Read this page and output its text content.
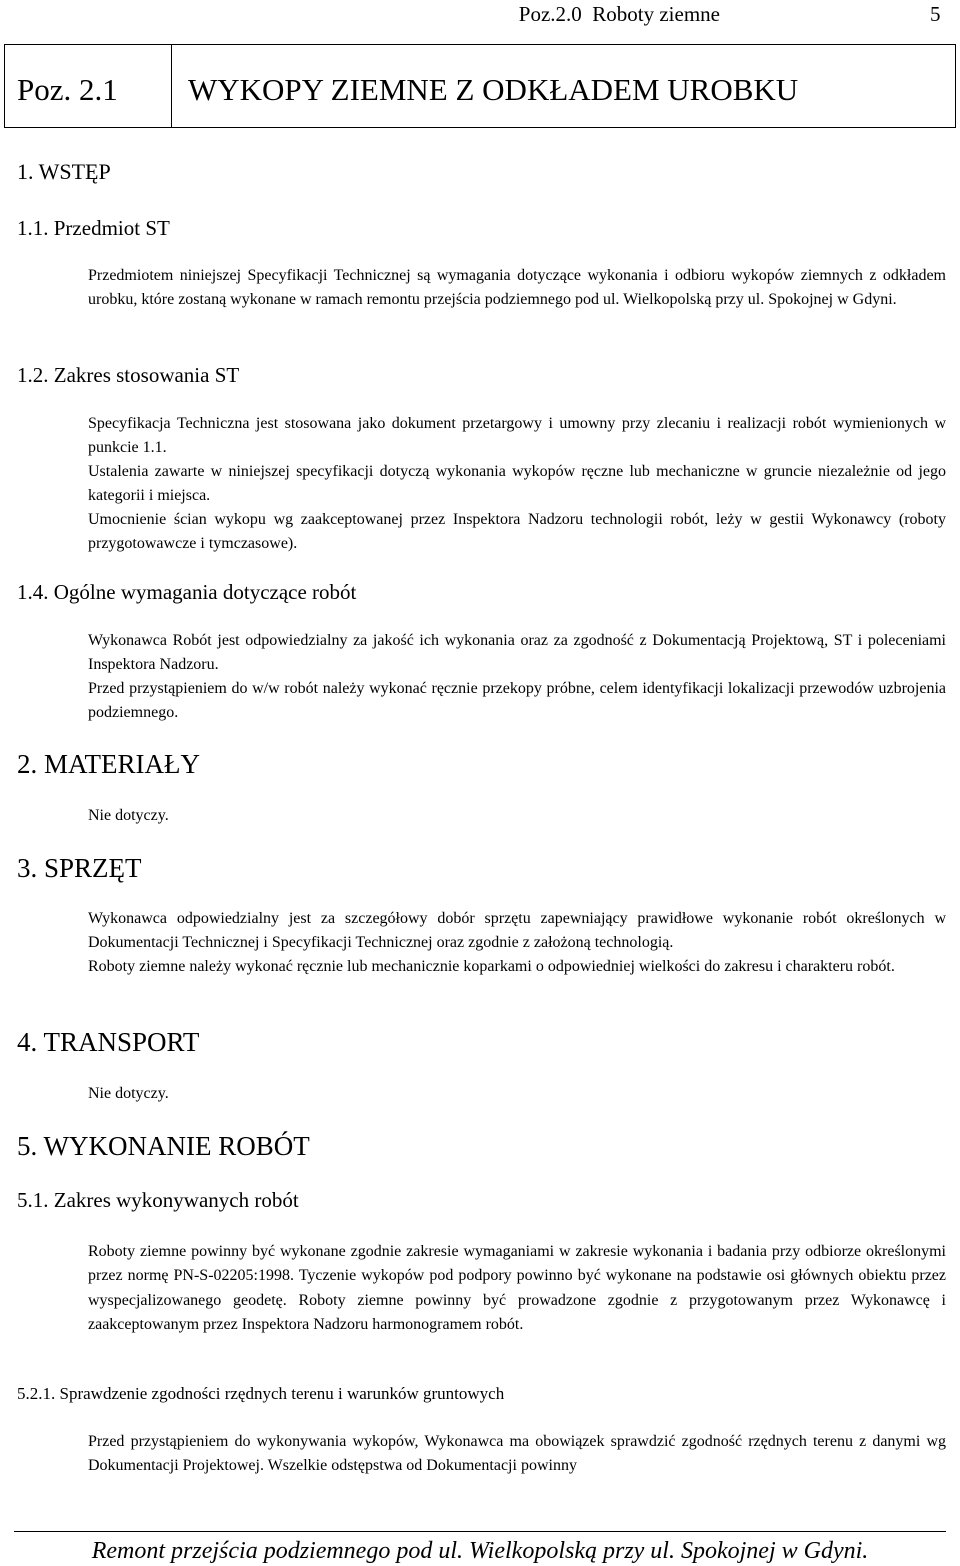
Poz.2.0  Roboty ziemne	5
Poz. 2.1 WYKOPY ZIEMNE Z ODKŁADEM UROBKU
1. WSTĘP
1.1. Przedmiot ST
Przedmiotem niniejszej Specyfikacji Technicznej są wymagania dotyczące wykonania i odbioru wykopów ziemnych z odkładem urobku, które zostaną wykonane w ramach remontu przejścia podziemnego pod ul. Wielkopolską przy ul. Spokojnej w Gdyni.
1.2. Zakres stosowania ST
Specyfikacja Techniczna jest stosowana jako dokument przetargowy i umowny przy zlecaniu i realizacji robót wymienionych w punkcie 1.1.
Ustalenia zawarte w niniejszej specyfikacji dotyczą wykonania wykopów ręczne lub mechaniczne w gruncie niezależnie od jego kategorii i miejsca.
Umocnienie ścian wykopu wg zaakceptowanej przez Inspektora Nadzoru technologii robót, leży w gestii Wykonawcy (roboty przygotowawcze i tymczasowe).
1.4. Ogólne wymagania dotyczące robót
Wykonawca Robót jest odpowiedzialny za jakość ich wykonania oraz za zgodność z Dokumentacją Projektową, ST i poleceniami Inspektora Nadzoru.
Przed przystąpieniem do w/w robót należy wykonać ręcznie przekopy próbne, celem identyfikacji lokalizacji przewodów uzbrojenia podziemnego.
2. MATERIAŁY
Nie dotyczy.
3. SPRZĘT
Wykonawca odpowiedzialny jest za szczegółowy dobór sprzętu zapewniający prawidłowe wykonanie robót określonych w Dokumentacji Technicznej i Specyfikacji Technicznej oraz zgodnie z założoną technologią.
Roboty ziemne należy wykonać ręcznie lub mechanicznie koparkami o odpowiedniej wielkości do zakresu i charakteru robót.
4. TRANSPORT
Nie dotyczy.
5. WYKONANIE ROBÓT
5.1. Zakres wykonywanych robót
Roboty ziemne powinny być wykonane zgodnie zakresie wymaganiami w zakresie wykonania i badania przy odbiorze określonymi przez normę PN-S-02205:1998. Tyczenie wykopów pod podpory powinno być wykonane na podstawie osi głównych obiektu przez wyspecjalizowanego geodetę. Roboty ziemne powinny być prowadzone zgodnie z przygotowanym przez Wykonawcę i zaakceptowanym przez Inspektora Nadzoru harmonogramem robót.
5.2.1. Sprawdzenie zgodności rzędnych terenu i warunków gruntowych
Przed przystąpieniem do wykonywania wykopów, Wykonawca ma obowiązek sprawdzić zgodność rzędnych terenu z danymi wg Dokumentacji Projektowej. Wszelkie odstępstwa od Dokumentacji powinny
Remont przejścia podziemnego pod ul. Wielkopolską przy ul. Spokojnej w Gdyni.
